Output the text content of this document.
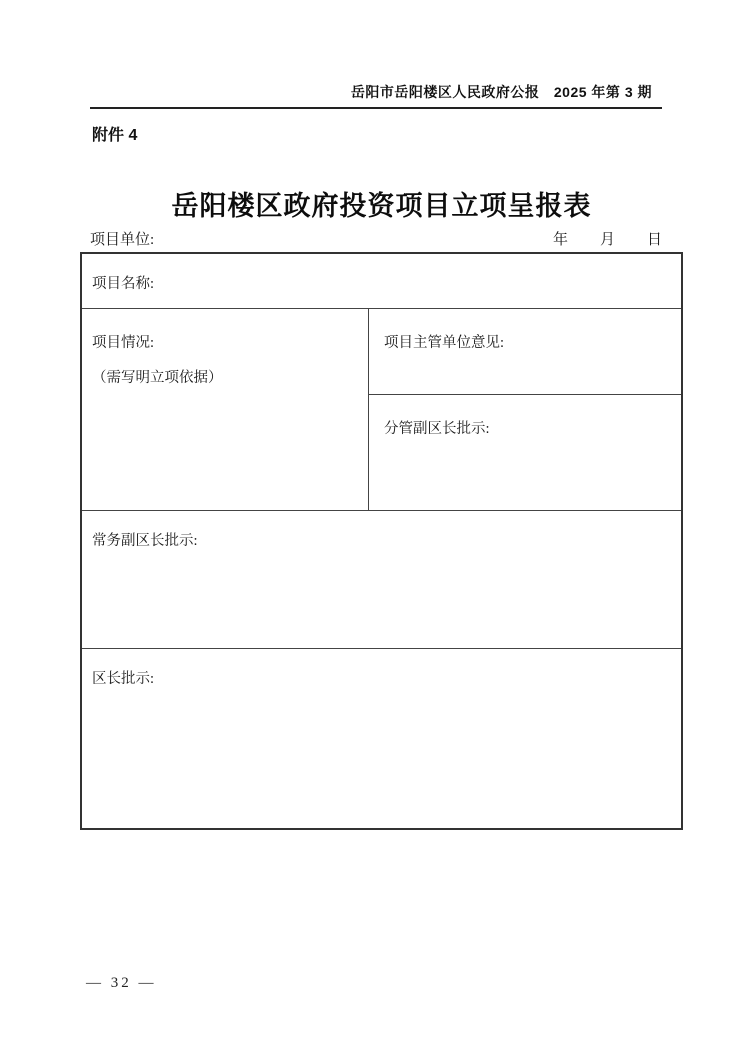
岳阳市岳阳楼区人民政府公报　2025 年第 3 期
附件 4
岳阳楼区政府投资项目立项呈报表
项目单位:	年 月 日
项目名称:
项目情况:
（需写明立项依据）
项目主管单位意见:
分管副区长批示:
常务副区长批示:
区长批示:
— 32 —
